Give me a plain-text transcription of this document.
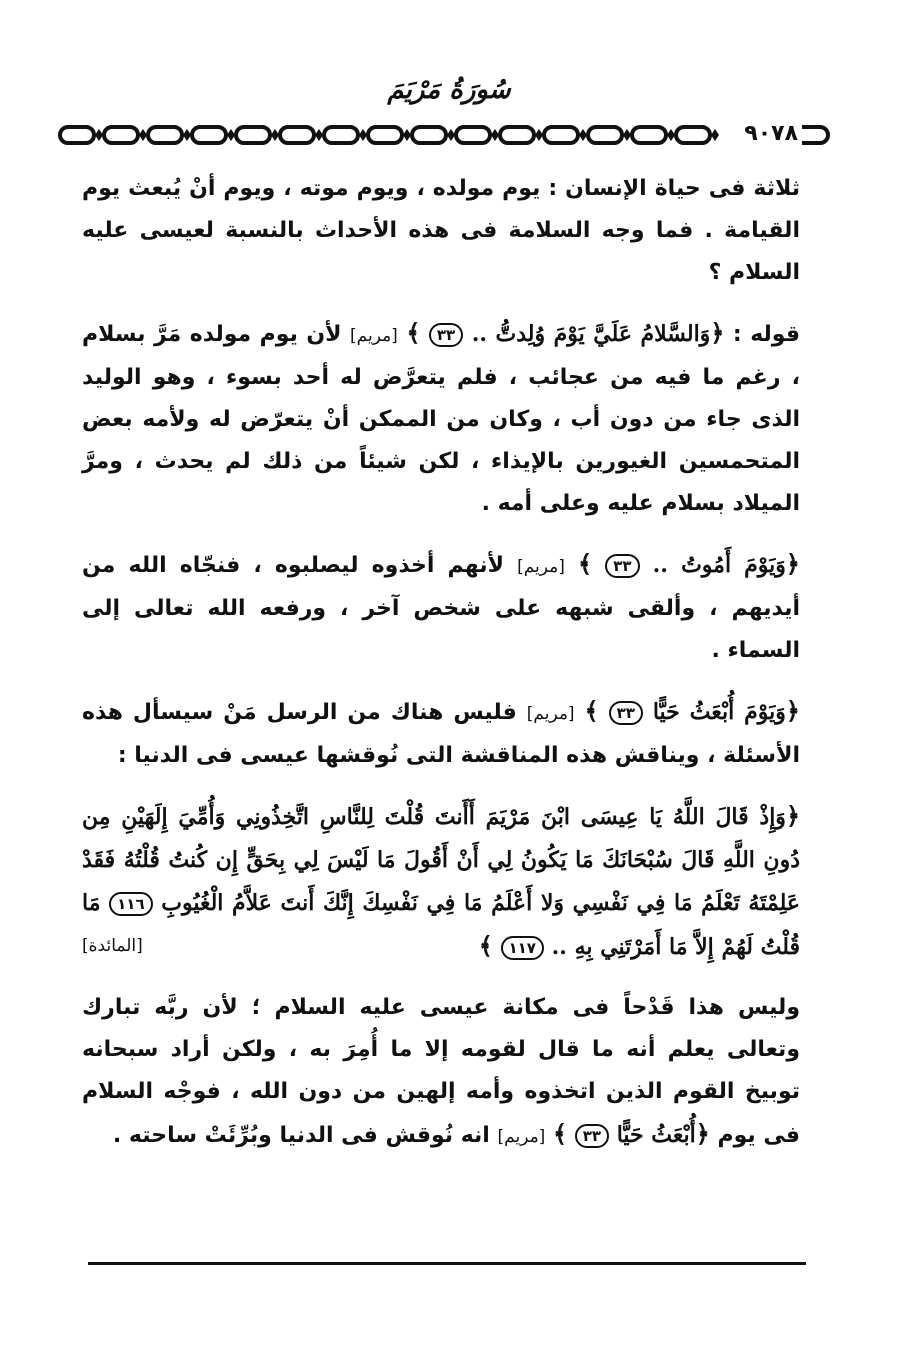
سُورَةُ مَرْيَمَ
٩٠٧٨

ثلاثة فى حياة الإنسان : يوم مولده ، ويوم موته ، ويوم أنْ يُبعث يوم القيامة . فما وجه السلامة فى هذه الأحداث بالنسبة لعيسى عليه السلام ؟

قوله : ﴿وَالسَّلامُ عَلَيَّ يَوْمَ وُلِدتُّ .. ٣٣ ﴾ [مريم] لأن يوم مولده مَرَّ بسلام ، رغم ما فيه من عجائب ، فلم يتعرَّض له أحد بسوء ، وهو الوليد الذى جاء من دون أب ، وكان من الممكن أنْ يتعرّض له ولأمه بعض المتحمسين الغيورين بالإيذاء ، لكن شيئاً من ذلك لم يحدث ، ومرَّ الميلاد بسلام عليه وعلى أمه .

﴿وَيَوْمَ أَمُوتُ .. ٣٣ ﴾ [مريم] لأنهم أخذوه ليصلبوه ، فنجّاه الله من أيديهم ، وألقى شبهه على شخص آخر ، ورفعه الله تعالى إلى السماء .

﴿وَيَوْمَ أُبْعَثُ حَيًّا ٣٣ ﴾ [مريم] فليس هناك من الرسل مَنْ سيسأل هذه الأسئلة ، ويناقش هذه المناقشة التى نُوقشها عيسى فى الدنيا :

﴿وَإِذْ قَالَ اللَّهُ يَا عِيسَى ابْنَ مَرْيَمَ أَأَنتَ قُلْتَ لِلنَّاسِ اتَّخِذُونِي وَأُمِّيَ إِلَهَيْنِ مِن دُونِ اللَّهِ قَالَ سُبْحَانَكَ مَا يَكُونُ لِي أَنْ أَقُولَ مَا لَيْسَ لِي بِحَقٍّ إِن كُنتُ قُلْتُهُ فَقَدْ عَلِمْتَهُ تَعْلَمُ مَا فِي نَفْسِي وَلا أَعْلَمُ مَا فِي نَفْسِكَ إِنَّكَ أَنتَ عَلاَّمُ الْغُيُوبِ ١١٦ مَا قُلْتُ لَهُمْ إِلاَّ مَا أَمَرْتَنِي بِهِ .. ١١٧ ﴾
[المائدة]

وليس هذا قَدْحاً فى مكانة عيسى عليه السلام ؛ لأن ربَّه تبارك وتعالى يعلم أنه ما قال لقومه إلا ما أُمِرَ به ، ولكن أراد سبحانه توبيخ القوم الذين اتخذوه وأمه إلهين من دون الله ، فوجْه السلام فى يوم ﴿أُبْعَثُ حَيًّا ٣٣ ﴾ [مريم] انه نُوقش فى الدنيا وبُرِّئَتْ ساحته .
